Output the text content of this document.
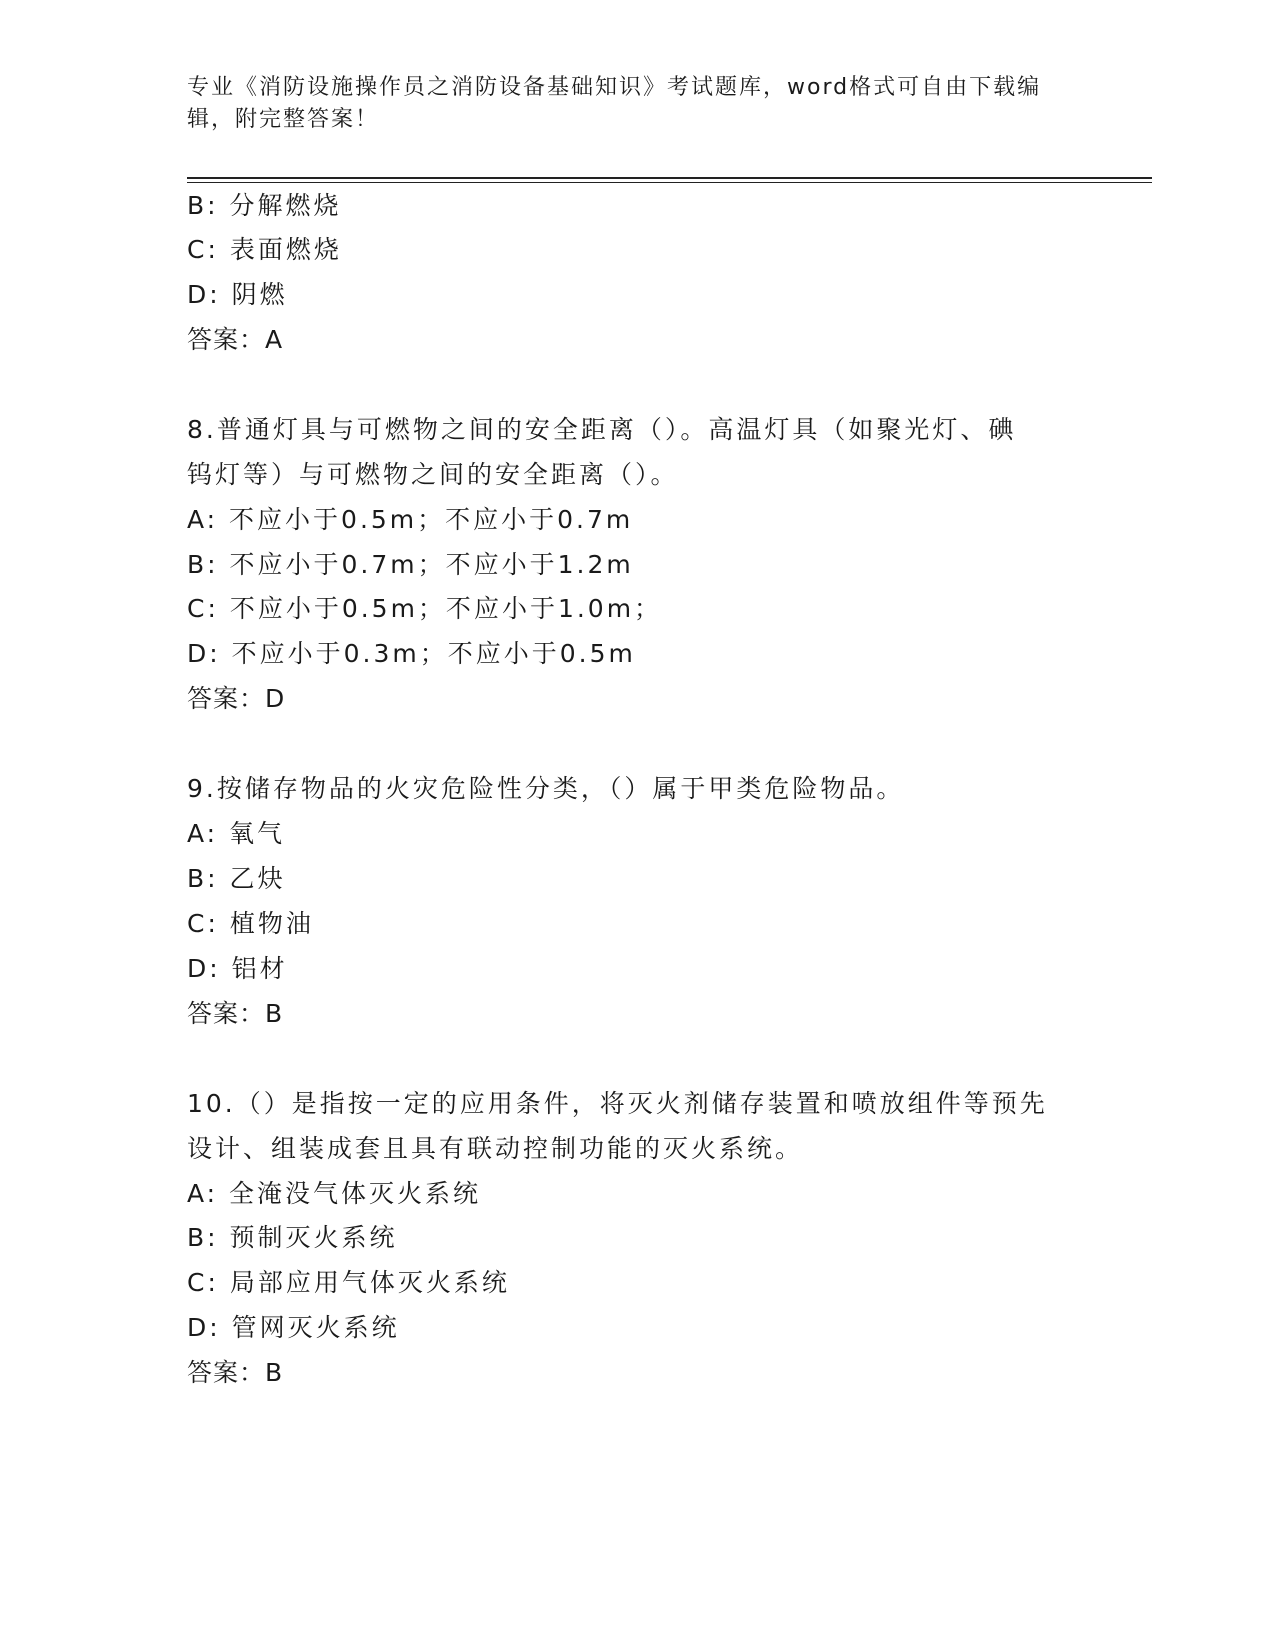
专业《消防设施操作员之消防设备基础知识》考试题库，word格式可自由下载编
辑，附完整答案！
B: 分解燃烧
C: 表面燃烧
D: 阴燃
答案：A
8.普通灯具与可燃物之间的安全距离（）。高温灯具（如聚光灯、碘
钨灯等）与可燃物之间的安全距离（）。
A: 不应小于0.5m；不应小于0.7m
B: 不应小于0.7m；不应小于1.2m
C: 不应小于0.5m；不应小于1.0m；
D: 不应小于0.3m；不应小于0.5m
答案：D
9.按储存物品的火灾危险性分类，（）属于甲类危险物品。
A: 氧气
B: 乙炔
C: 植物油
D: 铝材
答案：B
10.（）是指按一定的应用条件，将灭火剂储存装置和喷放组件等预先
设计、组装成套且具有联动控制功能的灭火系统。
A: 全淹没气体灭火系统
B: 预制灭火系统
C: 局部应用气体灭火系统
D: 管网灭火系统
答案：B
